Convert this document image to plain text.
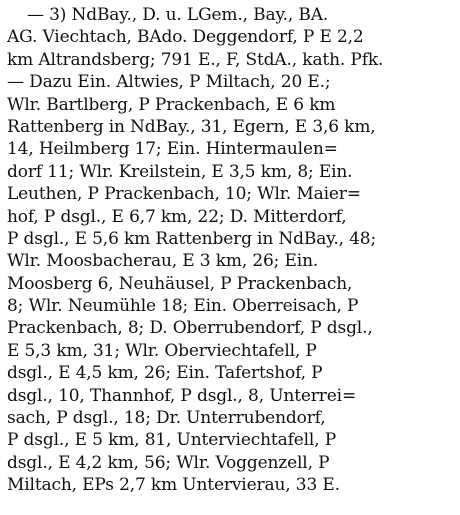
— 3) NdBay., D. u. LGem., Bay., BA.
AG. Viechtach, BAdo. Deggendorf, P E 2,2
km Altrandsberg; 791 E., F, StdA., kath. Pfk.
— Dazu Ein. Altwies, P Miltach, 20 E.;
Wlr. Bartlberg, P Prackenbach, E 6 km
Rattenberg in NdBay., 31, Egern, E 3,6 km,
14, Heilmberg 17; Ein. Hintermaulen=
dorf 11; Wlr. Kreilstein, E 3,5 km, 8; Ein.
Leuthen, P Prackenbach, 10; Wlr. Maier=
hof, P dsgl., E 6,7 km, 22; D. Mitterdorf,
P dsgl., E 5,6 km Rattenberg in NdBay., 48;
Wlr. Moosbacherau, E 3 km, 26; Ein.
Moosberg 6, Neuhäusel, P Prackenbach,
8; Wlr. Neumühle 18; Ein. Oberreisach, P
Prackenbach, 8; D. Oberrubendorf, P dsgl.,
E 5,3 km, 31; Wlr. Oberviechtafell, P
dsgl., E 4,5 km, 26; Ein. Tafertshof, P
dsgl., 10, Thannhof, P dsgl., 8, Unterrei=
sach, P dsgl., 18; Dr. Unterrubendorf,
P dsgl., E 5 km, 81, Unterviechtafell, P
dsgl., E 4,2 km, 56; Wlr. Voggenzell, P
Miltach, EPs 2,7 km Untervierau, 33 E.
